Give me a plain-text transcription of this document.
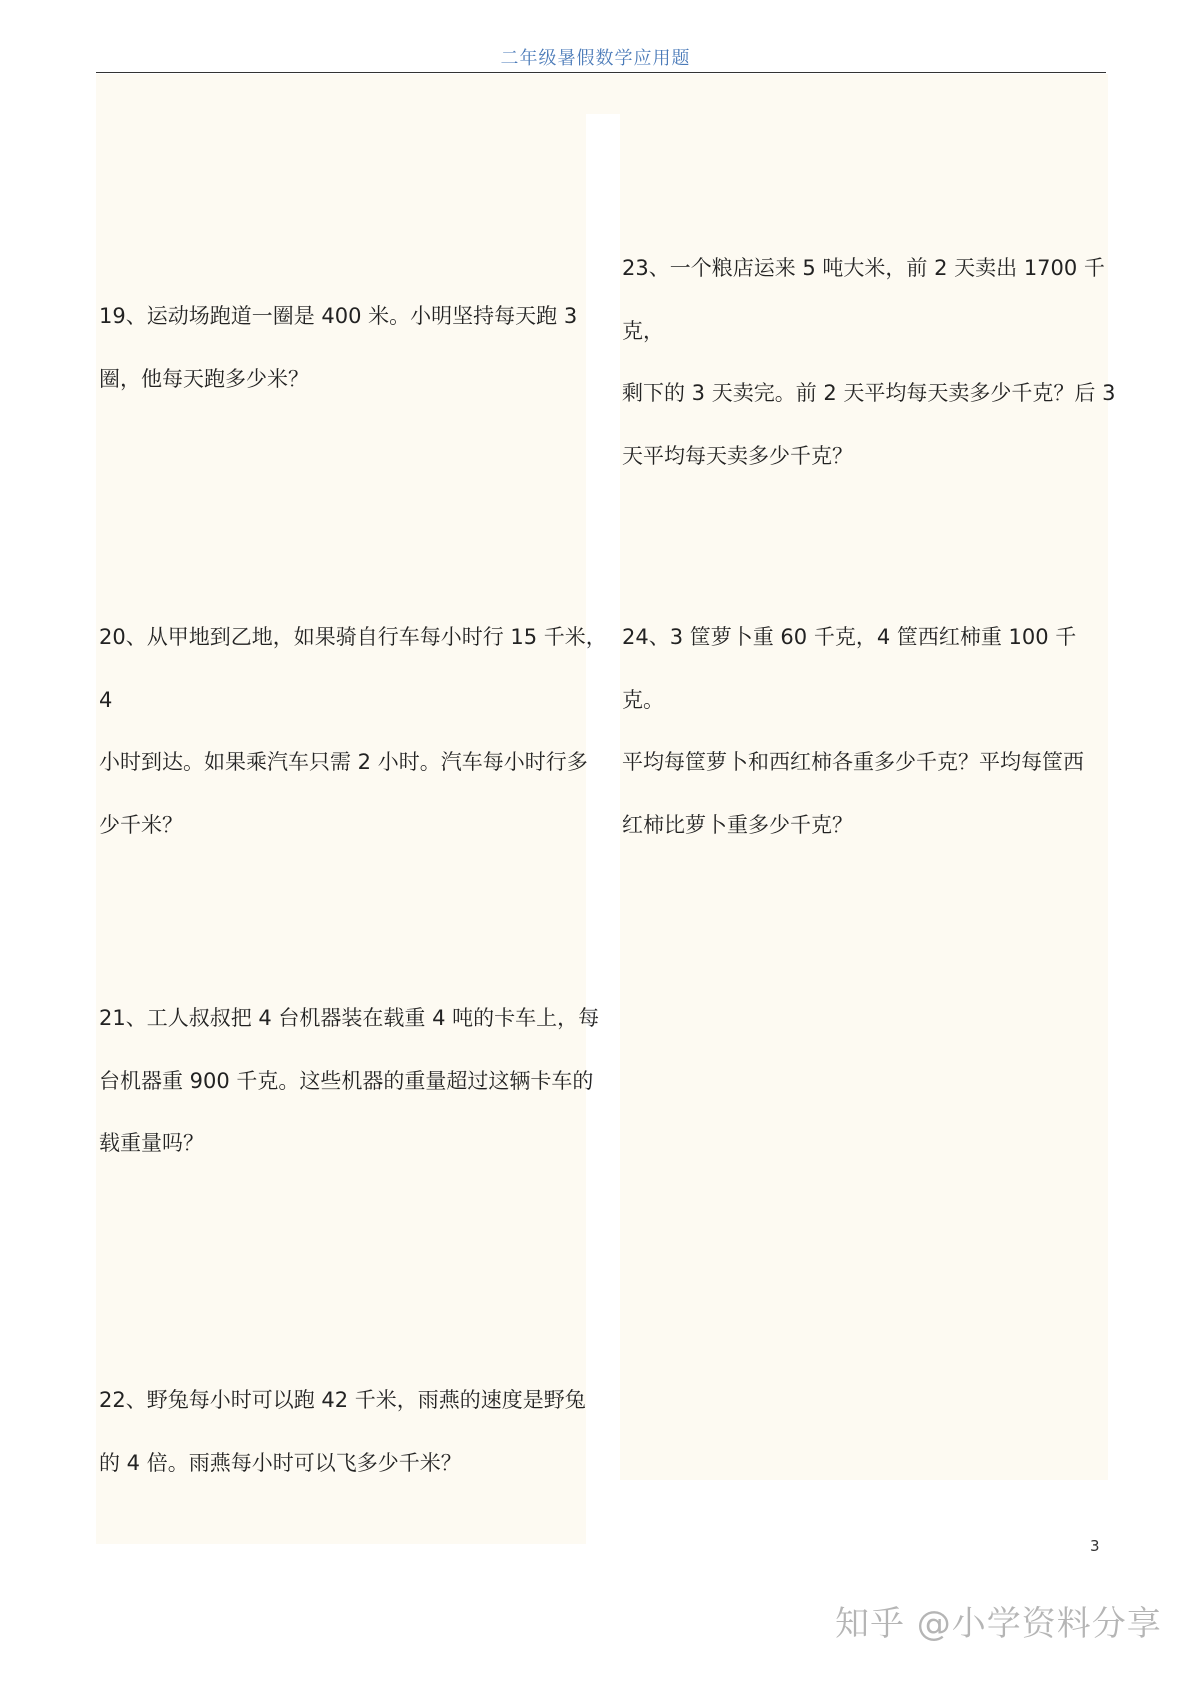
二年级暑假数学应用题
19、运动场跑道一圈是 400 米。小明坚持每天跑 3
圈，他每天跑多少米？
20、从甲地到乙地，如果骑自行车每小时行 15 千米，4
小时到达。如果乘汽车只需 2 小时。汽车每小时行多
少千米？
21、工人叔叔把 4 台机器装在载重 4 吨的卡车上，每
台机器重 900 千克。这些机器的重量超过这辆卡车的
载重量吗？
22、野兔每小时可以跑 42 千米，雨燕的速度是野兔
的 4 倍。雨燕每小时可以飞多少千米？
23、一个粮店运来 5 吨大米，前 2 天卖出 1700 千克，
剩下的 3 天卖完。前 2 天平均每天卖多少千克？后 3
天平均每天卖多少千克？
24、3 筐萝卜重 60 千克，4 筐西红柿重 100 千克。
平均每筐萝卜和西红柿各重多少千克？平均每筐西
红柿比萝卜重多少千克？
3
知乎 @小学资料分享
